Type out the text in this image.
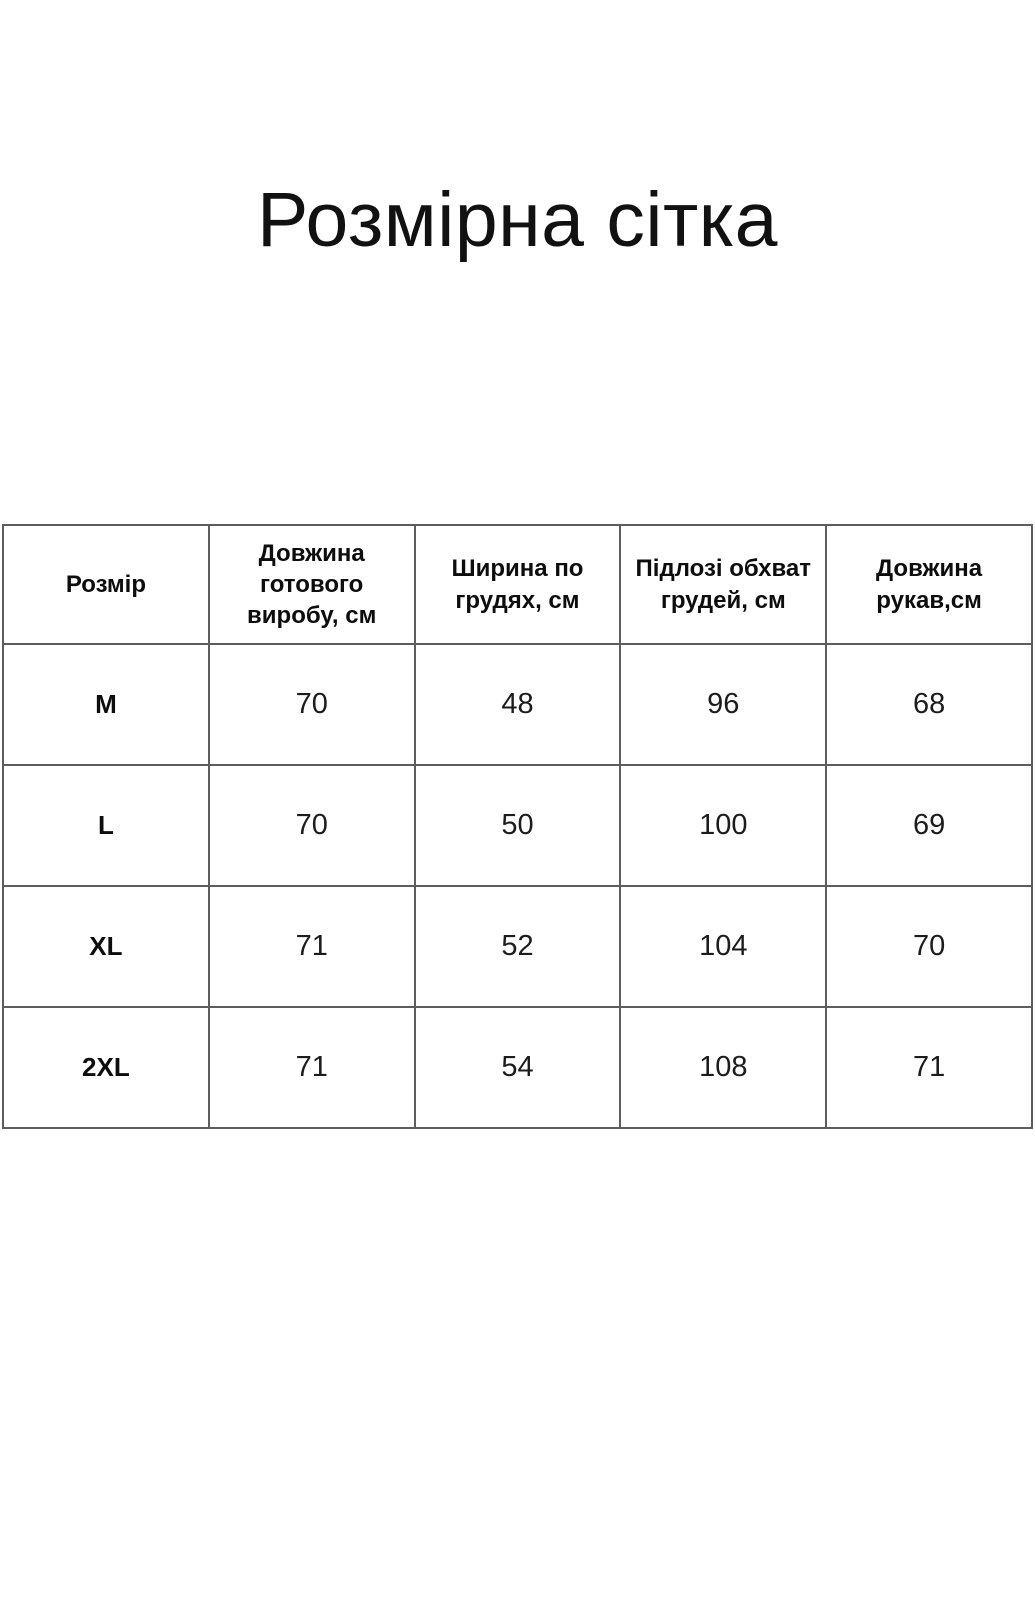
Розмірна сітка
Розмір	Довжина готового виробу, см	Ширина по грудях, см	Підлозі обхват грудей, см	Довжина рукав,см
M	70	48	96	68
L	70	50	100	69
XL	71	52	104	70
2XL	71	54	108	71
